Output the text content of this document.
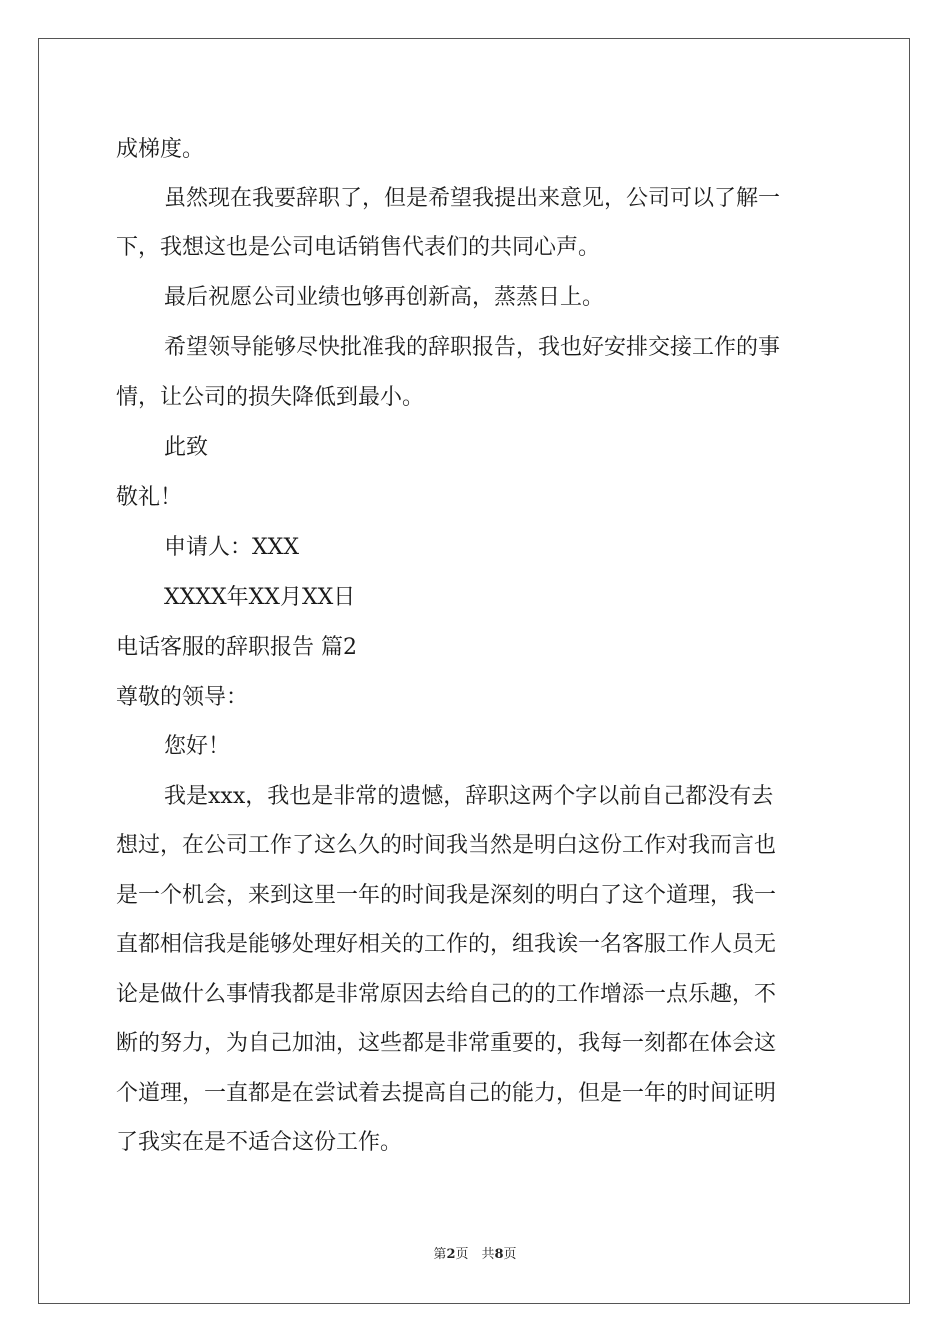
成梯度。
虽然现在我要辞职了，但是希望我提出来意见，公司可以了解一
下，我想这也是公司电话销售代表们的共同心声。
最后祝愿公司业绩也够再创新高，蒸蒸日上。
希望领导能够尽快批准我的辞职报告，我也好安排交接工作的事
情，让公司的损失降低到最小。
此致
敬礼！
申请人：XXX
XXXX年XX月XX日
电话客服的辞职报告 篇2
尊敬的领导：
您好！
我是xxx，我也是非常的遗憾，辞职这两个字以前自己都没有去
想过，在公司工作了这么久的时间我当然是明白这份工作对我而言也
是一个机会，来到这里一年的时间我是深刻的明白了这个道理，我一
直都相信我是能够处理好相关的工作的，组我诶一名客服工作人员无
论是做什么事情我都是非常原因去给自己的的工作增添一点乐趣，不
断的努力，为自己加油，这些都是非常重要的，我每一刻都在体会这
个道理，一直都是在尝试着去提高自己的能力，但是一年的时间证明
了我实在是不适合这份工作。
第2页　共8页
